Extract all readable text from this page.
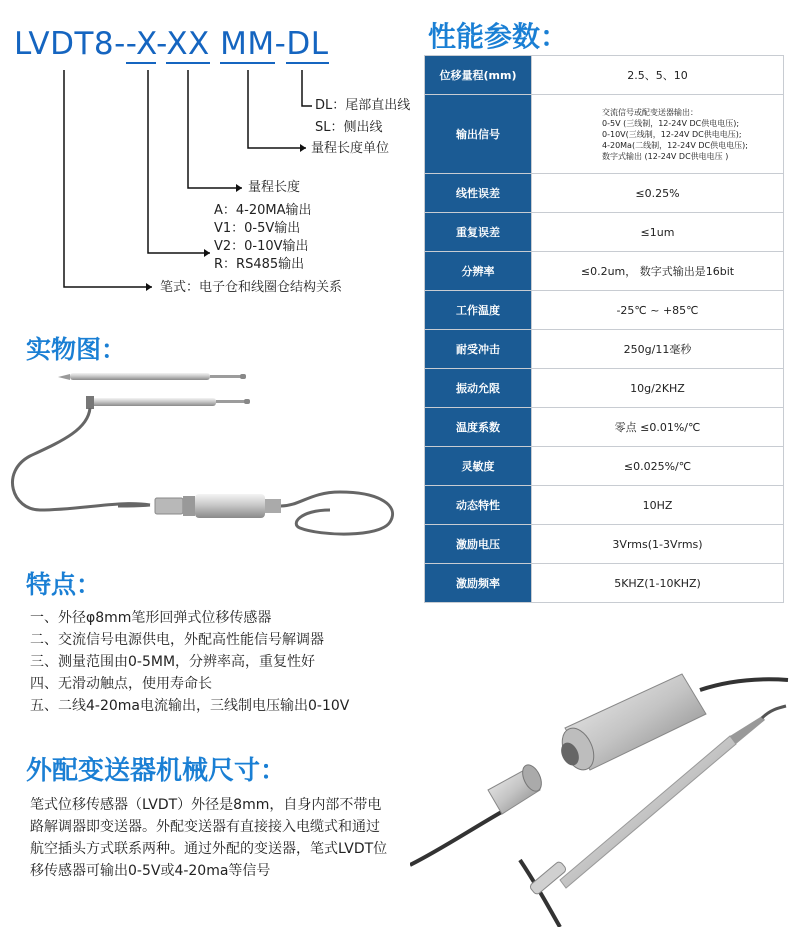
LVDT8--X-XX MM-DL
DL：尾部直出线
SL：侧出线
量程长度单位
量程长度
A：4-20MA输出
V1：0-5V输出
V2：0-10V输出
R：RS485输出
笔式：电子仓和线圈仓结构关系
性能参数：
实物图：
特点：
外配变送器机械尺寸：
位移量程(mm)	2.5、5、10
输出信号	交流信号或配变送器输出：
0-5V (三线制，12-24V DC供电电压);
0-10V(三线制，12-24V DC供电电压);
4-20Ma(二线制，12-24V DC供电电压);
数字式输出 (12-24V DC供电电压 )

线性误差	≤0.25%
重复误差	≤1um
分辨率	≤0.2um， 数字式输出是16bit
工作温度	-25℃ ~ +85℃
耐受冲击	250g/11毫秒
振动允限	10g/2KHZ
温度系数	零点 ≤0.01%/℃
灵敏度	≤0.025%/℃
动态特性	10HZ
激励电压	3Vrms(1-3Vrms)
激励频率	5KHZ(1-10KHZ)
一、外径φ8mm笔形回弹式位移传感器
二、交流信号电源供电，外配高性能信号解调器
三、测量范围由0-5MM，分辨率高，重复性好
四、无滑动触点，使用寿命长
五、二线4-20ma电流输出，三线制电压输出0-10V
笔式位移传感器（LVDT）外径是8mm，自身内部不带电路解调器即变送器。外配变送器有直接接入电缆式和通过航空插头方式联系两种。通过外配的变送器，笔式LVDT位移传感器可输出0-5V或4-20ma等信号
